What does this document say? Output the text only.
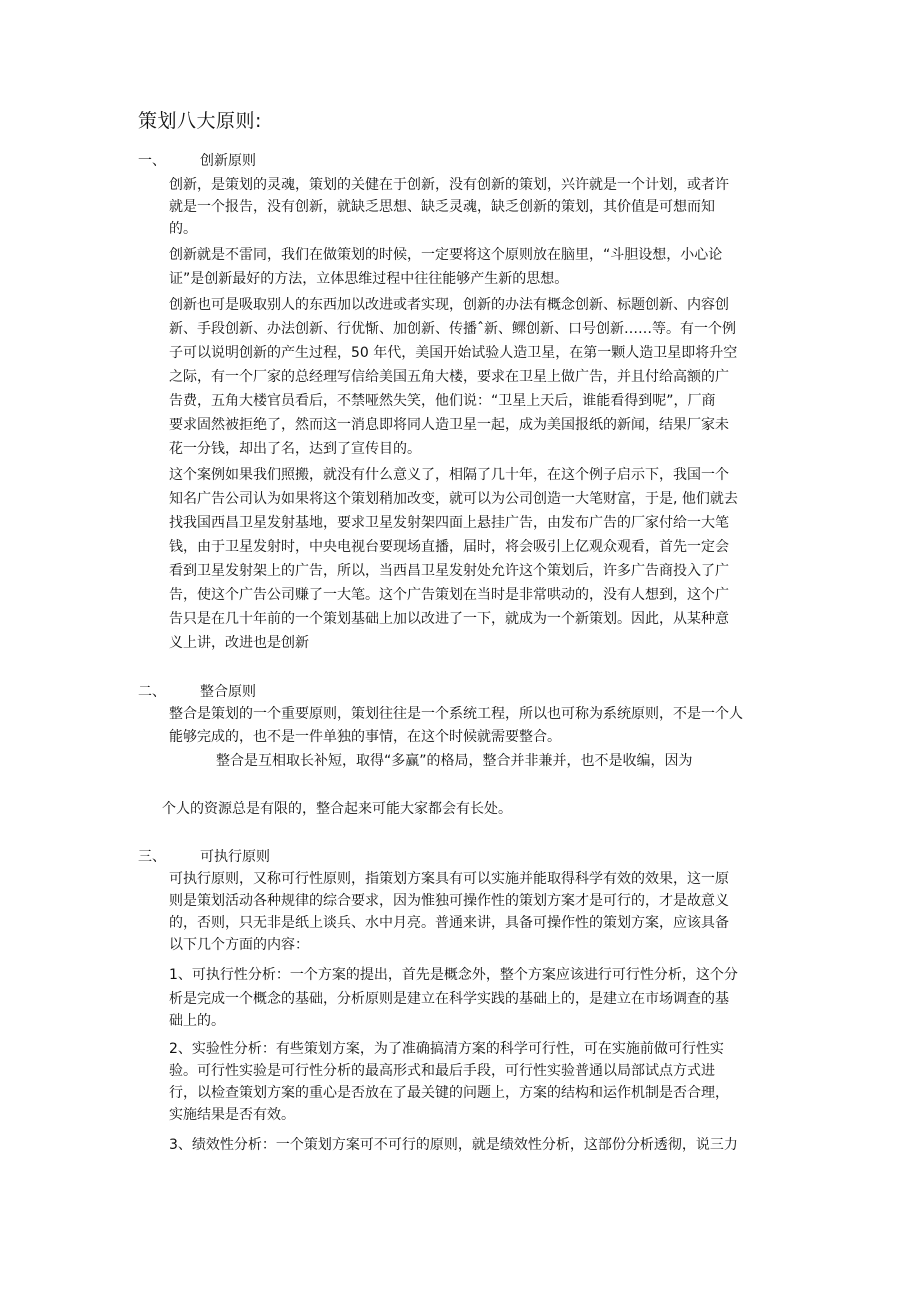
策划八大原则:
一、 创新原则
创新，是策划的灵魂，策划的关健在于创新，没有创新的策划，兴许就是一个计划，或者许
就是一个报告，没有创新，就缺乏思想、缺乏灵魂，缺乏创新的策划，其价值是可想而知
的。
创新就是不雷同，我们在做策划的时候，一定要将这个原则放在脑里，“斗胆设想，小心论
证”是创新最好的方法，立体思维过程中往往能够产生新的思想。
创新也可是吸取别人的东西加以改进或者实现，创新的办法有概念创新、标题创新、内容创
新、手段创新、办法创新、行优惭、加创新、传播ˆ新、鳏创新、口号创新……等。有一个例
子可以说明创新的产生过程，50 年代，美国开始试验人造卫星，在第一颗人造卫星即将升空
之际，有一个厂家的总经理写信给美国五角大楼，要求在卫星上做广告，并且付给高额的广
告费，五角大楼官员看后，不禁哑然失笑，他们说：“卫星上天后，谁能看得到呢”，厂商
要求固然被拒绝了，然而这一消息即将同人造卫星一起，成为美国报纸的新闻，结果厂家未
花一分钱，却出了名，达到了宣传目的。
这个案例如果我们照搬，就没有什么意义了，相隔了几十年，在这个例子启示下，我国一个
知名广告公司认为如果将这个策划稍加改变，就可以为公司创造一大笔财富，于是, 他们就去
找我国西昌卫星发射基地，要求卫星发射架四面上悬挂广告，由发布广告的厂家付给一大笔
钱，由于卫星发射时，中央电视台要现场直播，届时，将会吸引上亿观众观看，首先一定会
看到卫星发射架上的广告，所以，当西昌卫星发射处允许这个策划后，许多广告商投入了广
告，使这个广告公司赚了一大笔。这个广告策划在当时是非常哄动的，没有人想到，这个广
告只是在几十年前的一个策划基础上加以改进了一下，就成为一个新策划。因此，从某种意
义上讲，改进也是创新
二、 整合原则
整合是策划的一个重要原则，策划往往是一个系统工程，所以也可称为系统原则，不是一个人
能够完成的，也不是一件单独的事情，在这个时候就需要整合。
整合是互相取长补短，取得“多赢”的格局，整合并非兼并，也不是收编，因为
个人的资源总是有限的，整合起来可能大家都会有长处。
三、 可执行原则
可执行原则，又称可行性原则，指策划方案具有可以实施并能取得科学有效的效果，这一原
则是策划活动各种规律的综合要求，因为惟独可操作性的策划方案才是可行的，才是故意义
的，否则，只无非是纸上谈兵、水中月亮。普通来讲，具备可操作性的策划方案，应该具备
以下几个方面的内容：
1、可执行性分析：一个方案的提出，首先是概念外，整个方案应该进行可行性分析，这个分
析是完成一个概念的基础，分析原则是建立在科学实践的基础上的，是建立在市场调查的基
础上的。
2、实验性分析：有些策划方案，为了准确搞清方案的科学可行性，可在实施前做可行性实
验。可行性实验是可行性分析的最高形式和最后手段，可行性实验普通以局部试点方式进
行，以检查策划方案的重心是否放在了最关键的问题上，方案的结构和运作机制是否合理，
实施结果是否有效。
3、绩效性分析：一个策划方案可不可行的原则，就是绩效性分析，这部份分析透彻，说三力
